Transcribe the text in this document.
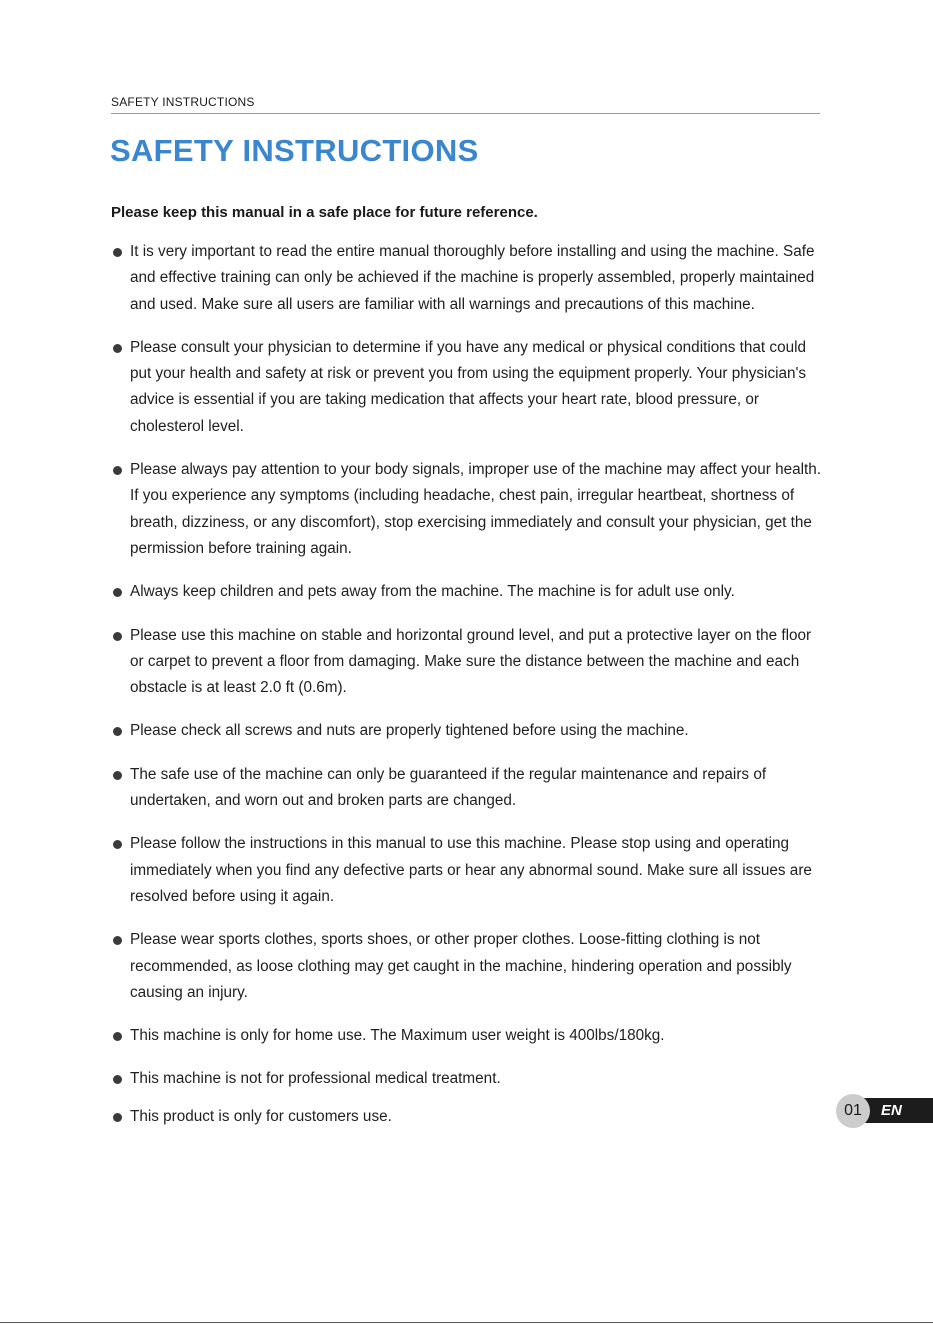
SAFETY INSTRUCTIONS
SAFETY INSTRUCTIONS

Please keep this manual in a safe place for future reference.

It is very important to read the entire manual thoroughly before installing and using the machine. Safe and effective training can only be achieved if the machine is properly assembled, properly maintained and used. Make sure all users are familiar with all warnings and precautions of this machine.
Please consult your physician to determine if you have any medical or physical conditions that could put your health and safety at risk or prevent you from using the equipment properly. Your physician's advice is essential if you are taking medication that affects your heart rate, blood pressure, or cholesterol level.
Please always pay attention to your body signals, improper use of the machine may affect your health. If you experience any symptoms (including headache, chest pain, irregular heartbeat, shortness of breath, dizziness, or any discomfort), stop exercising immediately and consult your physician, get the permission before training again.
Always keep children and pets away from the machine. The machine is for adult use only.
Please use this machine on stable and horizontal ground level, and put a protective layer on the floor or carpet to prevent a floor from damaging. Make sure the distance between the machine and each obstacle is at least 2.0 ft (0.6m).
Please check all screws and nuts are properly tightened before using the machine.
The safe use of the machine can only be guaranteed if the regular maintenance and repairs of undertaken, and worn out and broken parts are changed.
Please follow the instructions in this manual to use this machine. Please stop using and operating immediately when you find any defective parts or hear any abnormal sound. Make sure all issues are resolved before using it again.
Please wear sports clothes, sports shoes, or other proper clothes. Loose-fitting clothing is not recommended, as loose clothing may get caught in the machine, hindering operation and possibly causing an injury.
This machine is only for home use. The Maximum user weight is 400lbs/180kg.
This machine is not for professional medical treatment.
This product is only for customers use.	01	EN
